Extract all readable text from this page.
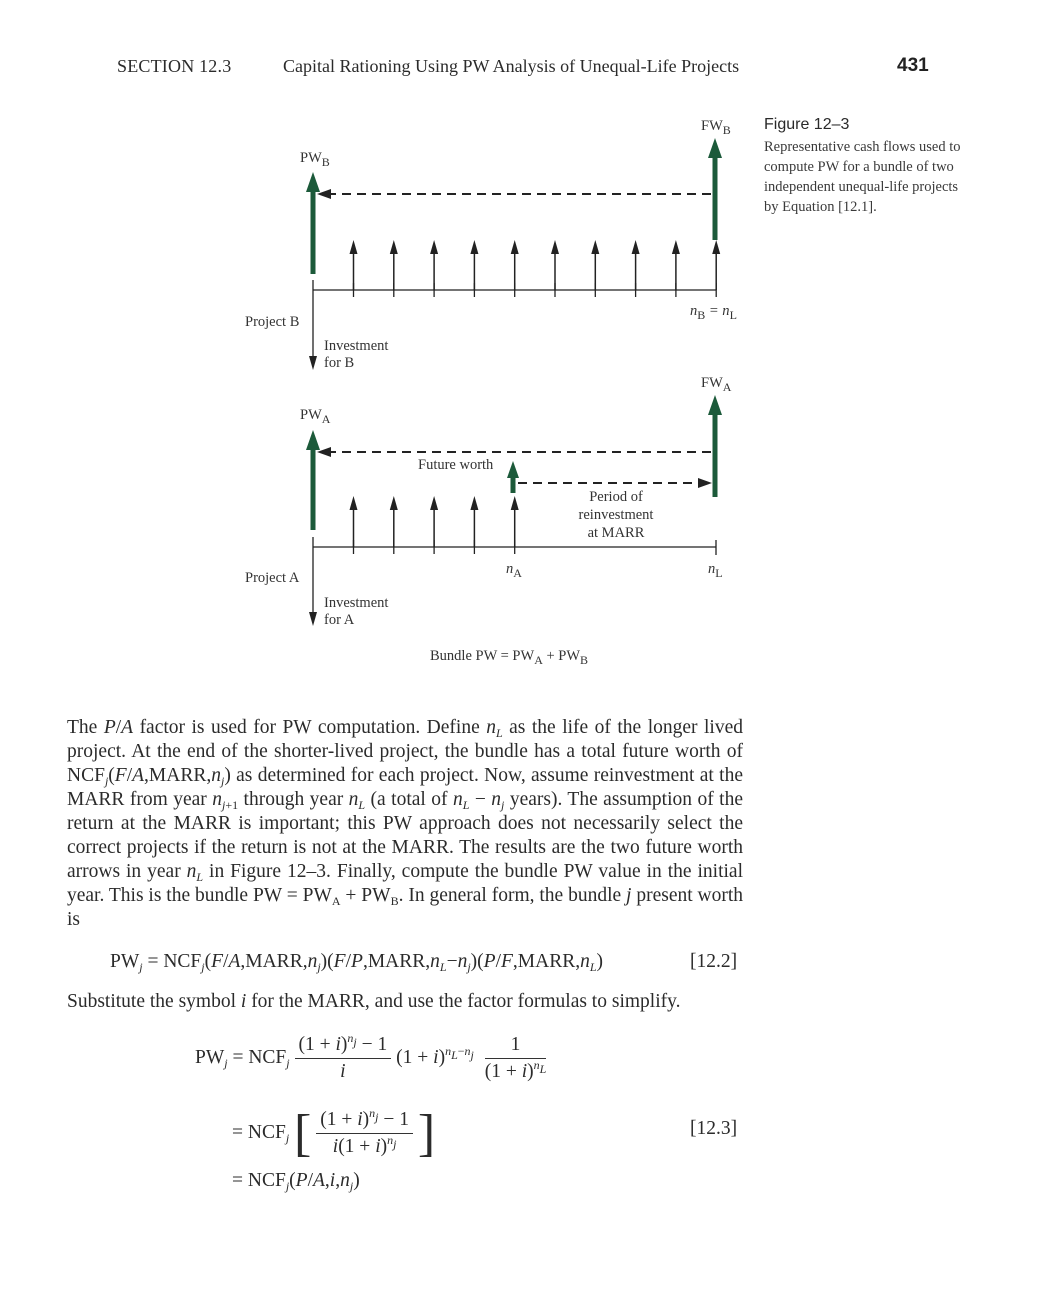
SECTION 12.3	Capital Rationing Using PW Analysis of Unequal-Life Projects	431
Figure 12–3
Representative cash flows used to compute PW for a bundle of two independent unequal-life projects by Equation [12.1].
$PW_B$
$FW_B$
Project B
Investment
for B
$n_B = n_L$
$PW_A$
$FW_A$
Future worth
Period of
reinvestment
at MARR
Project A
Investment
for A
$n_A$	$n_L$
Bundle PW = $PW_A + PW_B$

The P/A factor is used for PW computation. Define $n_L$ as the life of the longer lived project. At the end of the shorter-lived project, the bundle has a total future worth of $NCF_j(F/A,MARR,n_j)$ as determined for each project. Now, assume reinvestment at the MARR from year $n_{j+1}$ through year $n_L$ (a total of $n_L - n_j$ years). The assumption of the return at the MARR is important; this PW approach does not necessarily select the correct projects if the return is not at the MARR. The results are the two future worth arrows in year $n_L$ in Figure 12–3. Finally, compute the bundle PW value in the initial year. This is the bundle PW = $PW_A + PW_B$. In general form, the bundle j present worth is

$PW_j$ = $NCF_j(F/A,MARR,n_j)(F/P,MARR,n_L-n_j)(P/F,MARR,n_L)$	[12.2]

Substitute the symbol i for the MARR, and use the factor formulas to simplify.

$PW_j = NCF_j \frac{(1 + i)^{n_j} - 1}{i} (1 + i)^{n_L-n_j} \frac{1}{(1 + i)^{n_L}}$
= $NCF_j$ [ $\frac{(1 + i)^{n_j} - 1}{i(1 + i)^{n_j}}$ ]	[12.3]
= $NCF_j(P/A,i,n_j)$
